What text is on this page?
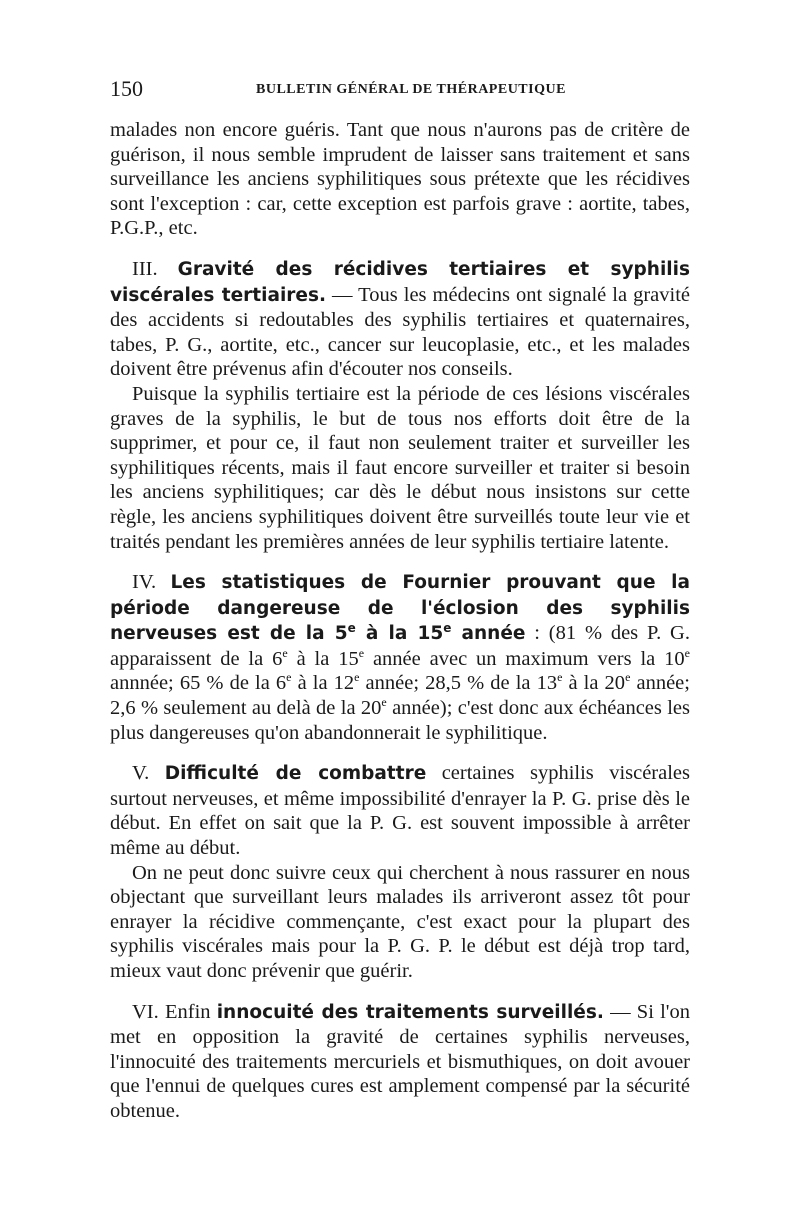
150	BULLETIN GÉNÉRAL DE THÉRAPEUTIQUE

malades non encore guéris. Tant que nous n'aurons pas de critère de guérison, il nous semble imprudent de laisser sans traitement et sans surveillance les anciens syphilitiques sous prétexte que les récidives sont l'exception : car, cette exception est parfois grave : aortite, tabes, P.G.P., etc.

III. Gravité des récidives tertiaires et syphilis viscérales tertiaires. — Tous les médecins ont signalé la gravité des accidents si redoutables des syphilis tertiaires et quaternaires, tabes, P. G., aortite, etc., cancer sur leucoplasie, etc., et les malades doivent être prévenus afin d'écouter nos conseils.

Puisque la syphilis tertiaire est la période de ces lésions viscérales graves de la syphilis, le but de tous nos efforts doit être de la supprimer, et pour ce, il faut non seulement traiter et surveiller les syphilitiques récents, mais il faut encore surveiller et traiter si besoin les anciens syphilitiques; car dès le début nous insistons sur cette règle, les anciens syphilitiques doivent être surveillés toute leur vie et traités pendant les premières années de leur syphilis tertiaire latente.

IV. Les statistiques de Fournier prouvant que la période dangereuse de l'éclosion des syphilis nerveuses est de la 5e à la 15e année : (81 % des P. G. apparaissent de la 6e à la 15e année avec un maximum vers la 10e annnée; 65 % de la 6e à la 12e année; 28,5 % de la 13e à la 20e année; 2,6 % seulement au delà de la 20e année); c'est donc aux échéances les plus dangereuses qu'on abandonnerait le syphilitique.

V. Difficulté de combattre certaines syphilis viscérales surtout nerveuses, et même impossibilité d'enrayer la P. G. prise dès le début. En effet on sait que la P. G. est souvent impossible à arrêter même au début.

On ne peut donc suivre ceux qui cherchent à nous rassurer en nous objectant que surveillant leurs malades ils arriveront assez tôt pour enrayer la récidive commençante, c'est exact pour la plupart des syphilis viscérales mais pour la P. G. P. le début est déjà trop tard, mieux vaut donc prévenir que guérir.

VI. Enfin innocuité des traitements surveillés. — Si l'on met en opposition la gravité de certaines syphilis nerveuses, l'innocuité des traitements mercuriels et bismuthiques, on doit avouer que l'ennui de quelques cures est amplement compensé par la sécurité obtenue.
